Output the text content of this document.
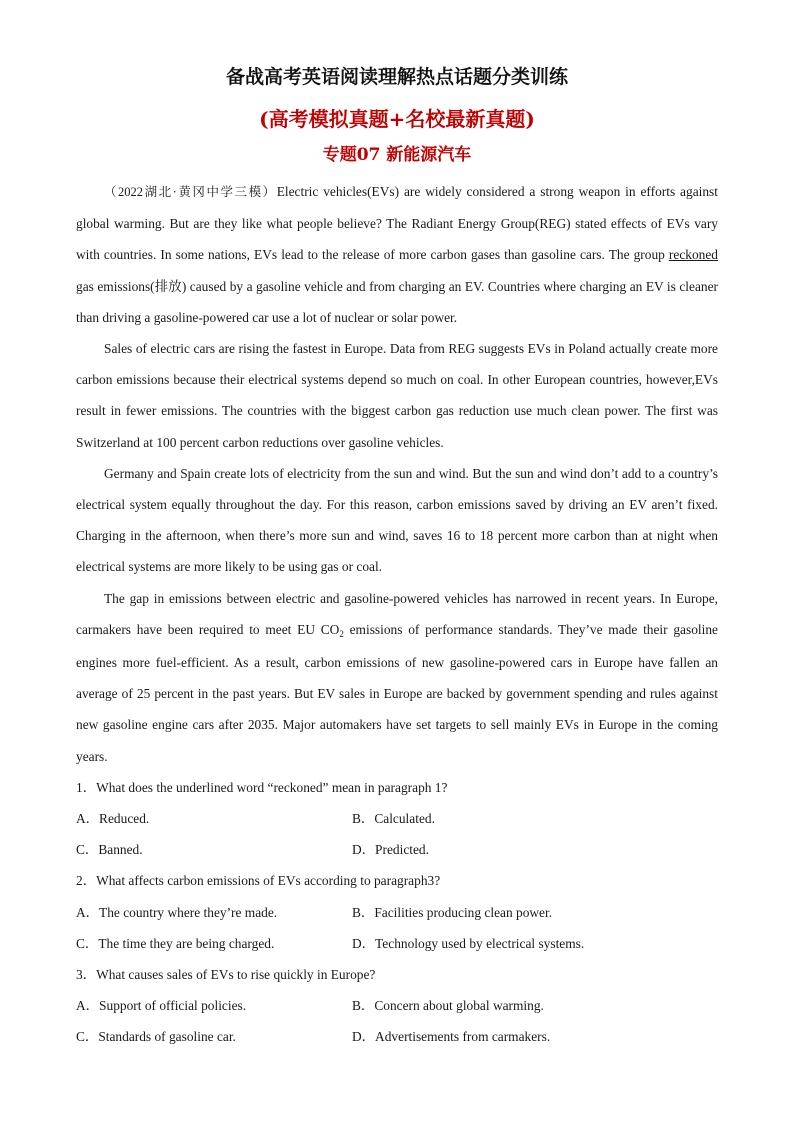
备战高考英语阅读理解热点话题分类训练
(高考模拟真题+名校最新真题)
专题07 新能源汽车

（2022湖北·黄冈中学三模）Electric vehicles(EVs) are widely considered a strong weapon in efforts against global warming. But are they like what people believe? The Radiant Energy Group(REG) stated effects of EVs vary with countries. In some nations, EVs lead to the release of more carbon gases than gasoline cars. The group reckoned gas emissions(排放) caused by a gasoline vehicle and from charging an EV. Countries where charging an EV is cleaner than driving a gasoline-powered car use a lot of nuclear or solar power.

Sales of electric cars are rising the fastest in Europe. Data from REG suggests EVs in Poland actually create more carbon emissions because their electrical systems depend so much on coal. In other European countries, however,EVs result in fewer emissions. The countries with the biggest carbon gas reduction use much clean power. The first was Switzerland at 100 percent carbon reductions over gasoline vehicles.

Germany and Spain create lots of electricity from the sun and wind. But the sun and wind don’t add to a country’s electrical system equally throughout the day. For this reason, carbon emissions saved by driving an EV aren’t fixed. Charging in the afternoon, when there’s more sun and wind, saves 16 to 18 percent more carbon than at night when electrical systems are more likely to be using gas or coal.

The gap in emissions between electric and gasoline-powered vehicles has narrowed in recent years. In Europe, carmakers have been required to meet EU $CO_2$ emissions of performance standards. They’ve made their gasoline engines more fuel-efficient. As a result, carbon emissions of new gasoline-powered cars in Europe have fallen an average of 25 percent in the past years. But EV sales in Europe are backed by government spending and rules against new gasoline engine cars after 2035. Major automakers have set targets to sell mainly EVs in Europe in the coming years.

1．What does the underlined word “reckoned” mean in paragraph 1?

A．Reduced.	B．Calculated.
C．Banned.	D．Predicted.

2．What affects carbon emissions of EVs according to paragraph3?

A．The country where they’re made.	B．Facilities producing clean power.
C．The time they are being charged.	D．Technology used by electrical systems.

3．What causes sales of EVs to rise quickly in Europe?

A．Support of official policies.	B．Concern about global warming.
C．Standards of gasoline car.	D．Advertisements from carmakers.
